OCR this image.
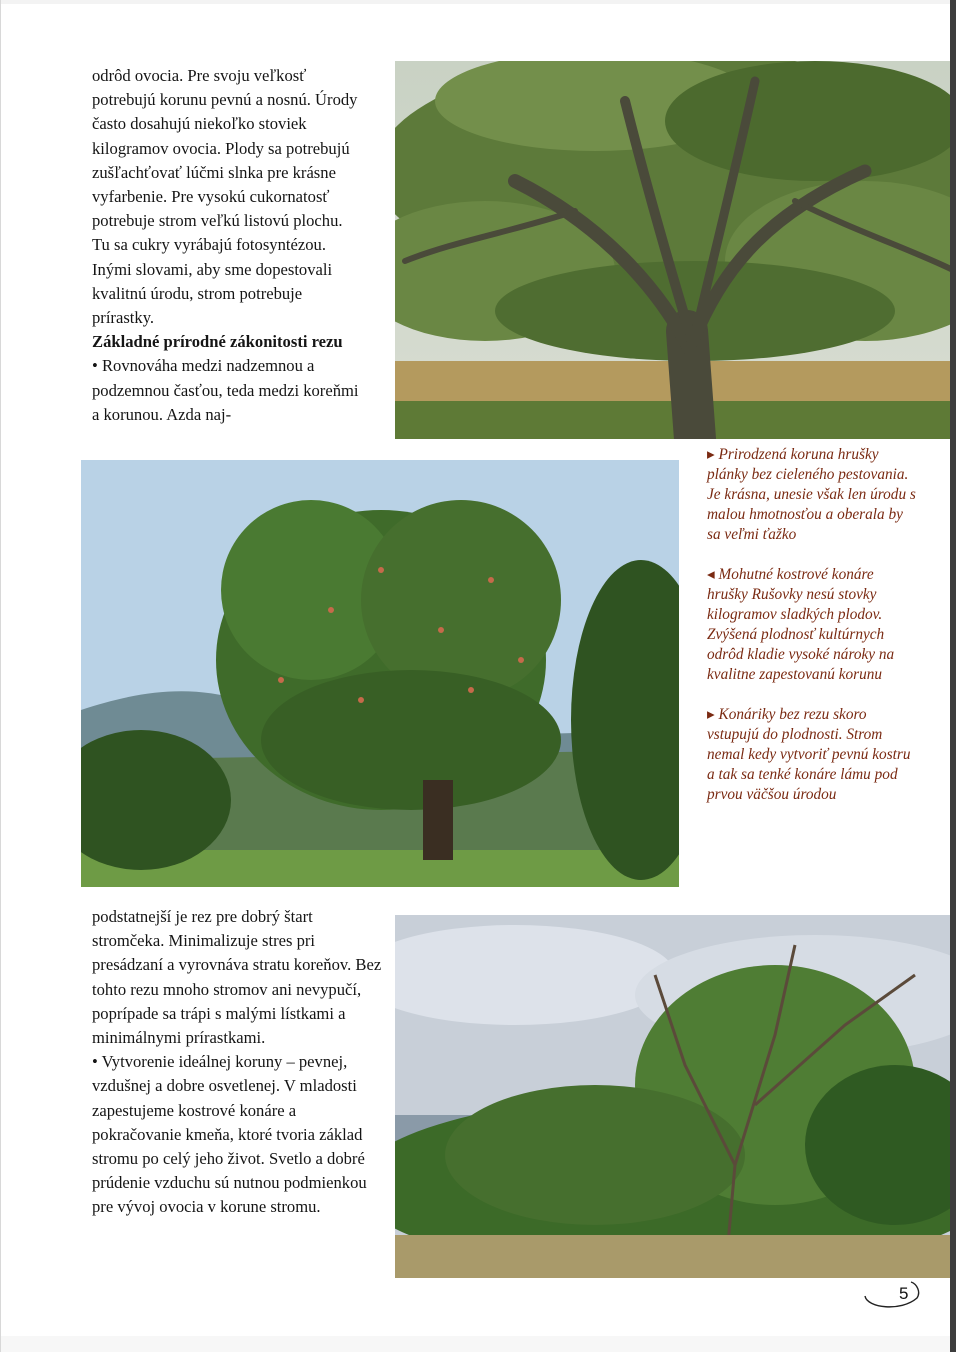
odrôd ovocia. Pre svoju veľkosť potrebujú korunu pevnú a nosnú. Úrody často dosahujú niekoľko stoviek kilogramov ovocia. Plody sa potrebujú zušľachťovať lúčmi slnka pre krásne vyfarbenie. Pre vysokú cukornatosť potrebuje strom veľkú listovú plochu. Tu sa cukry vyrábajú fotosyntézou. Inými slovami, aby sme dopestovali kvalitnú úrodu, strom potrebuje prírastky.

Základné prírodné zákonitosti rezu

• Rovnováha medzi nadzemnou a podzemnou časťou, teda medzi koreňmi a korunou. Azda naj-

▸ Prirodzená koruna hrušky plánky bez cieleného pestovania. Je krásna, unesie však len úrodu s malou hmotnosťou a oberala by sa veľmi ťažko

◂ Mohutné kostrové konáre hrušky Rušovky nesú stovky kilogramov sladkých plodov. Zvýšená plodnosť kultúrnych odrôd kladie vysoké nároky na kvalitne zapestovanú korunu

▸ Konáriky bez rezu skoro vstupujú do plodnosti. Strom nemal kedy vytvoriť pevnú kostru a tak sa tenké konáre lámu pod prvou väčšou úrodou

podstatnejší je rez pre dobrý štart stromčeka. Minimalizuje stres pri presádzaní a vyrovnáva stratu koreňov. Bez tohto rezu mnoho stromov ani nevypučí, poprípade sa trápi s malými lístkami a minimálnymi prírastkami.

• Vytvorenie ideálnej koruny – pevnej, vzdušnej a dobre osvetlenej. V mladosti zapestujeme kostrové konáre a pokračovanie kmeňa, ktoré tvoria základ stromu po celý jeho život. Svetlo a dobré prúdenie vzduchu sú nutnou podmienkou pre vývoj ovocia v korune stromu.

5
